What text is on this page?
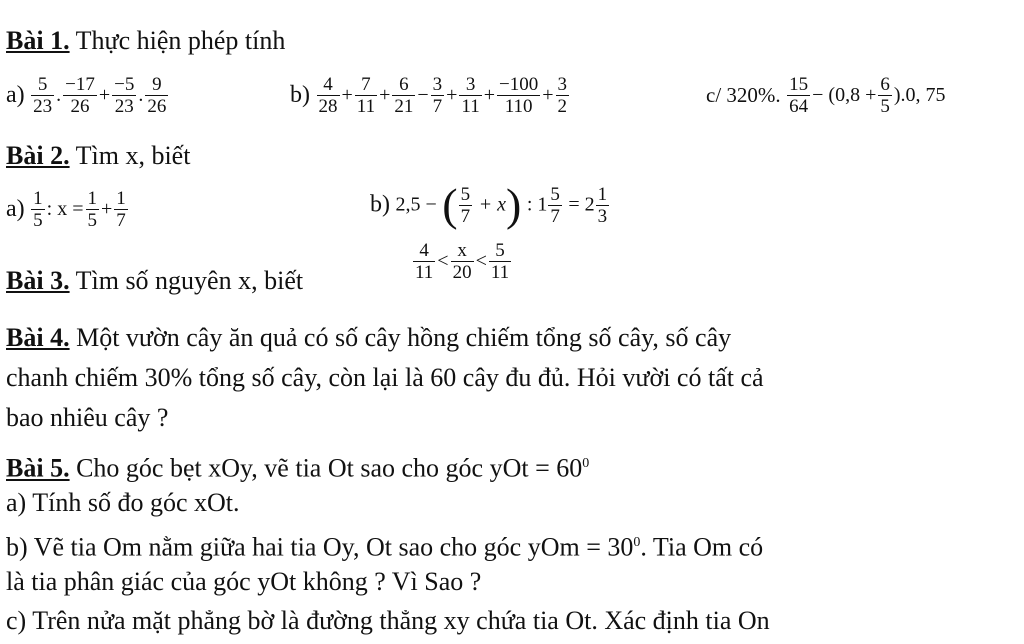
Bài 1. Thực hiện phép tính
$a) \frac{5}{23}$ . $\frac{-17}{26} + \frac{-5}{23}$ . $\frac{9}{26}$	$b) \frac{4}{28} + \frac{7}{11} + \frac{6}{21} - \frac{3}{7} + \frac{3}{11} + \frac{-100}{110} + \frac{3}{2}$	c/ 320%. $\frac{15}{64} - (0,8 + \frac{6}{5} ).0$, 75
Bài 2. Tìm x, biết
$a) \frac{1}{5}$ : $x = \frac{1}{5} + \frac{1}{7}$	b) 2,5 − ( $\frac{5}{7} + x$) : $1 \frac{5}{7} = 2 \frac{1}{3}$
Bài 3. Tìm số nguyên x, biết	$\frac{4}{11} < \frac{x}{20} < \frac{5}{11}$
Bài 4. Một vườn cây ăn quả có số cây hồng chiếm tổng số cây, số cây
chanh chiếm 30% tổng số cây, còn lại là 60 cây đu đủ. Hỏi vười có tất cả
bao nhiêu cây ?
Bài 5. Cho góc bẹt xOy, vẽ tia Ot sao cho góc yOt = $60^0$
a) Tính số đo góc xOt.
b) Vẽ tia Om nằm giữa hai tia Oy, Ot sao cho góc yOm = $30^0$. Tia Om có
là tia phân giác của góc yOt không ? Vì Sao ?
c) Trên nửa mặt phẳng bờ là đường thẳng xy chứa tia Ot. Xác định tia On
